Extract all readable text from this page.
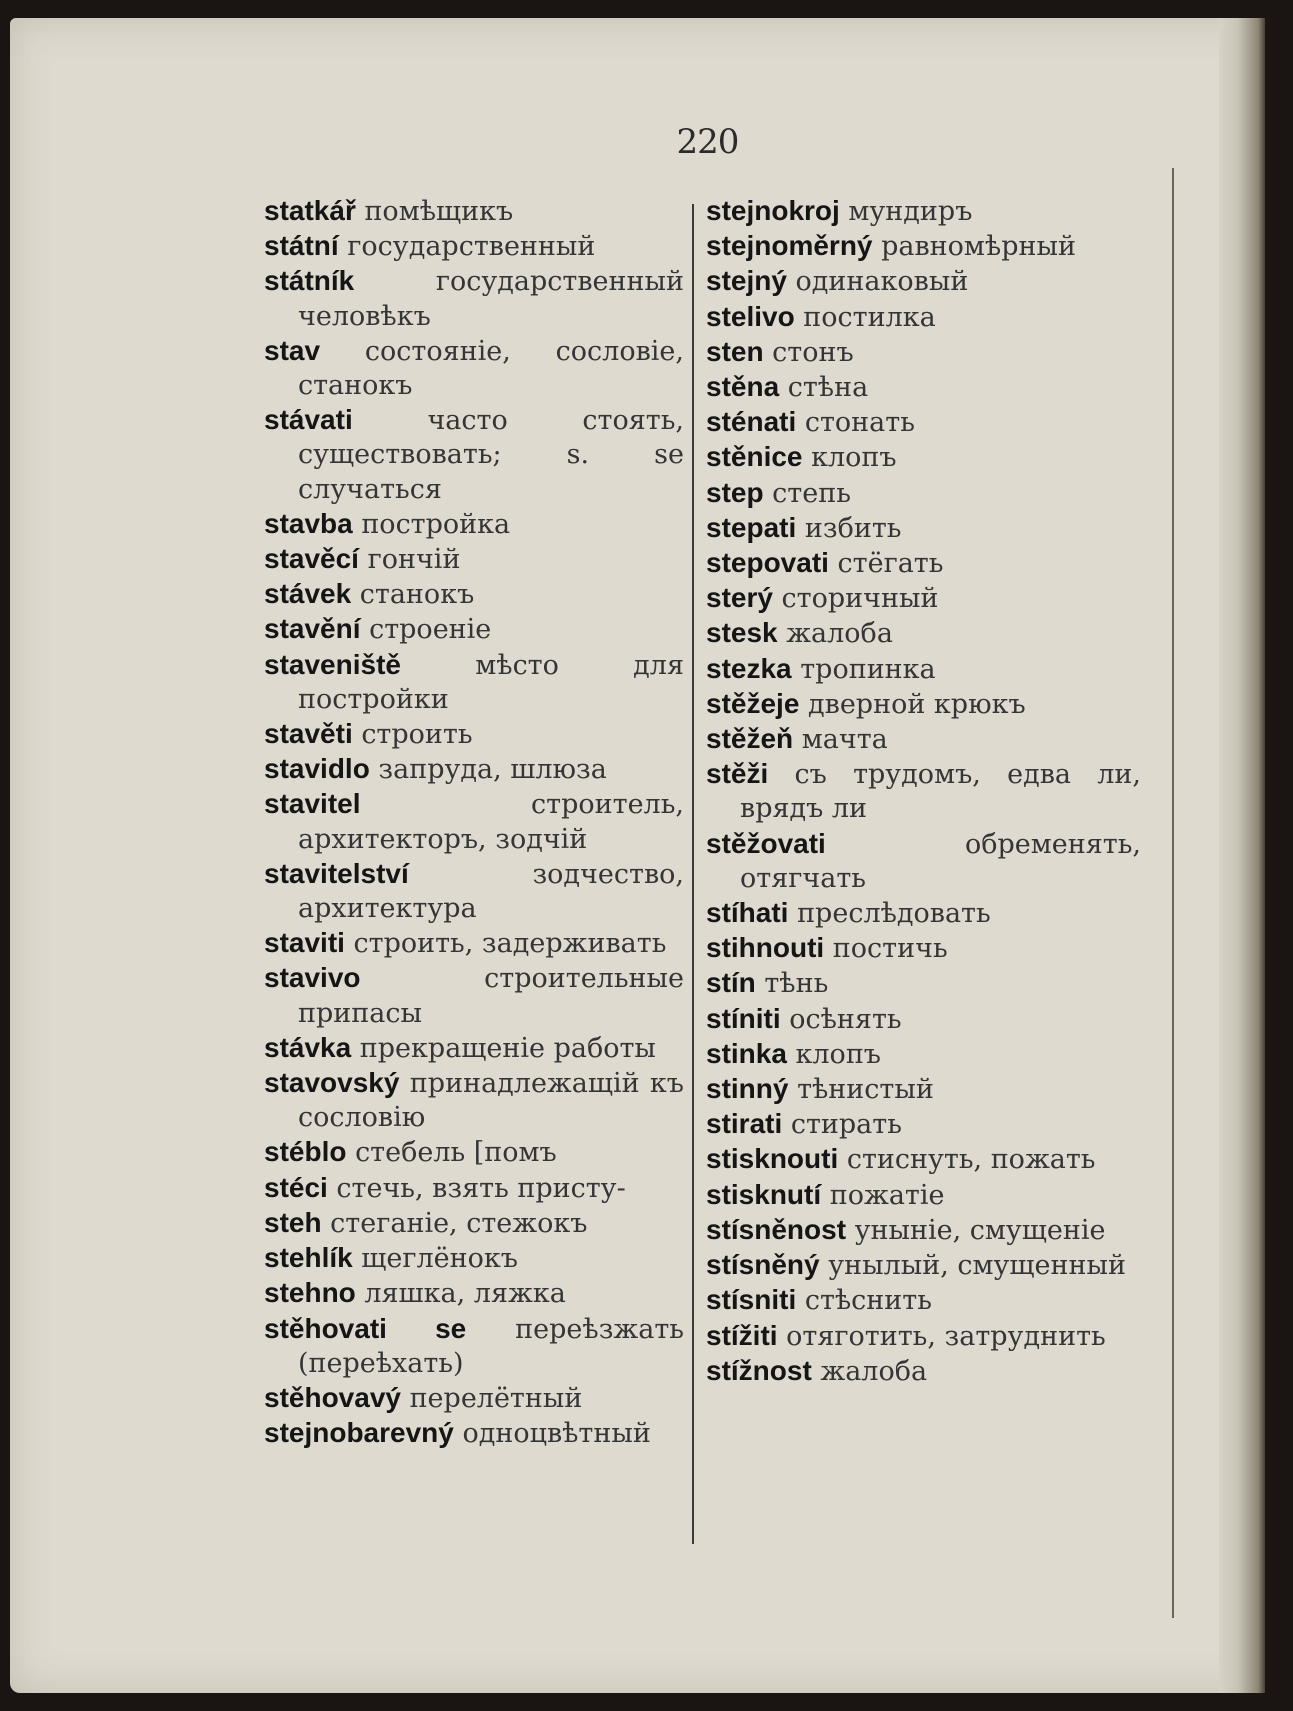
220
statkář помѣщикъ
státní государственный
státník	государственный человѣкъ
stav состояніе, сословіе, станокъ
stávati	часто стоять, существовать; s. se случаться
stavba постройка
stavěcí гончій
stávek станокъ
stavění строеніе
staveniště	мѣсто для постройки
stavěti строить
stavidlo запруда, шлюза
stavitel	строитель, архитекторъ, зодчій
stavitelství	зодчество, архитектура
staviti строить, задерживать
stavivo	строительные припасы
stávka прекращеніе работы
stavovský принадлежащій къ сословію
stéblo стебель [помъ
stéci стечь, взять присту-
steh стеганіе, стежокъ
stehlík щеглёнокъ
stehno ляшка, ляжка
stěhovati se переѣзжать (переѣхать)
stěhovavý перелётный
stejnobarevný одноцвѣтный
stejnokroj мундиръ
stejnoměrný равномѣрный
stejný одинаковый
stelivo постилка
sten стонъ
stěna стѣна
sténati стонать
stěnice клопъ
step степь
stepati избить
stepovati стёгать
sterý сторичный
stesk жалоба
stezka тропинка
stěžeje дверной крюкъ
stěžeň мачта
stěži съ трудомъ, едва ли, врядъ ли
stěžovati	обременять, отягчать
stíhati преслѣдовать
stihnouti постичь
stín тѣнь
stíniti осѣнять
stinka клопъ
stinný тѣнистый
stirati стирать
stisknouti стиснуть, пожать
stisknutí пожатіе
stísněnost уныніе, смущеніе
stísněný унылый, смущенный
stísniti стѣснить
stížiti отяготить, затруднить
stížnost жалоба
